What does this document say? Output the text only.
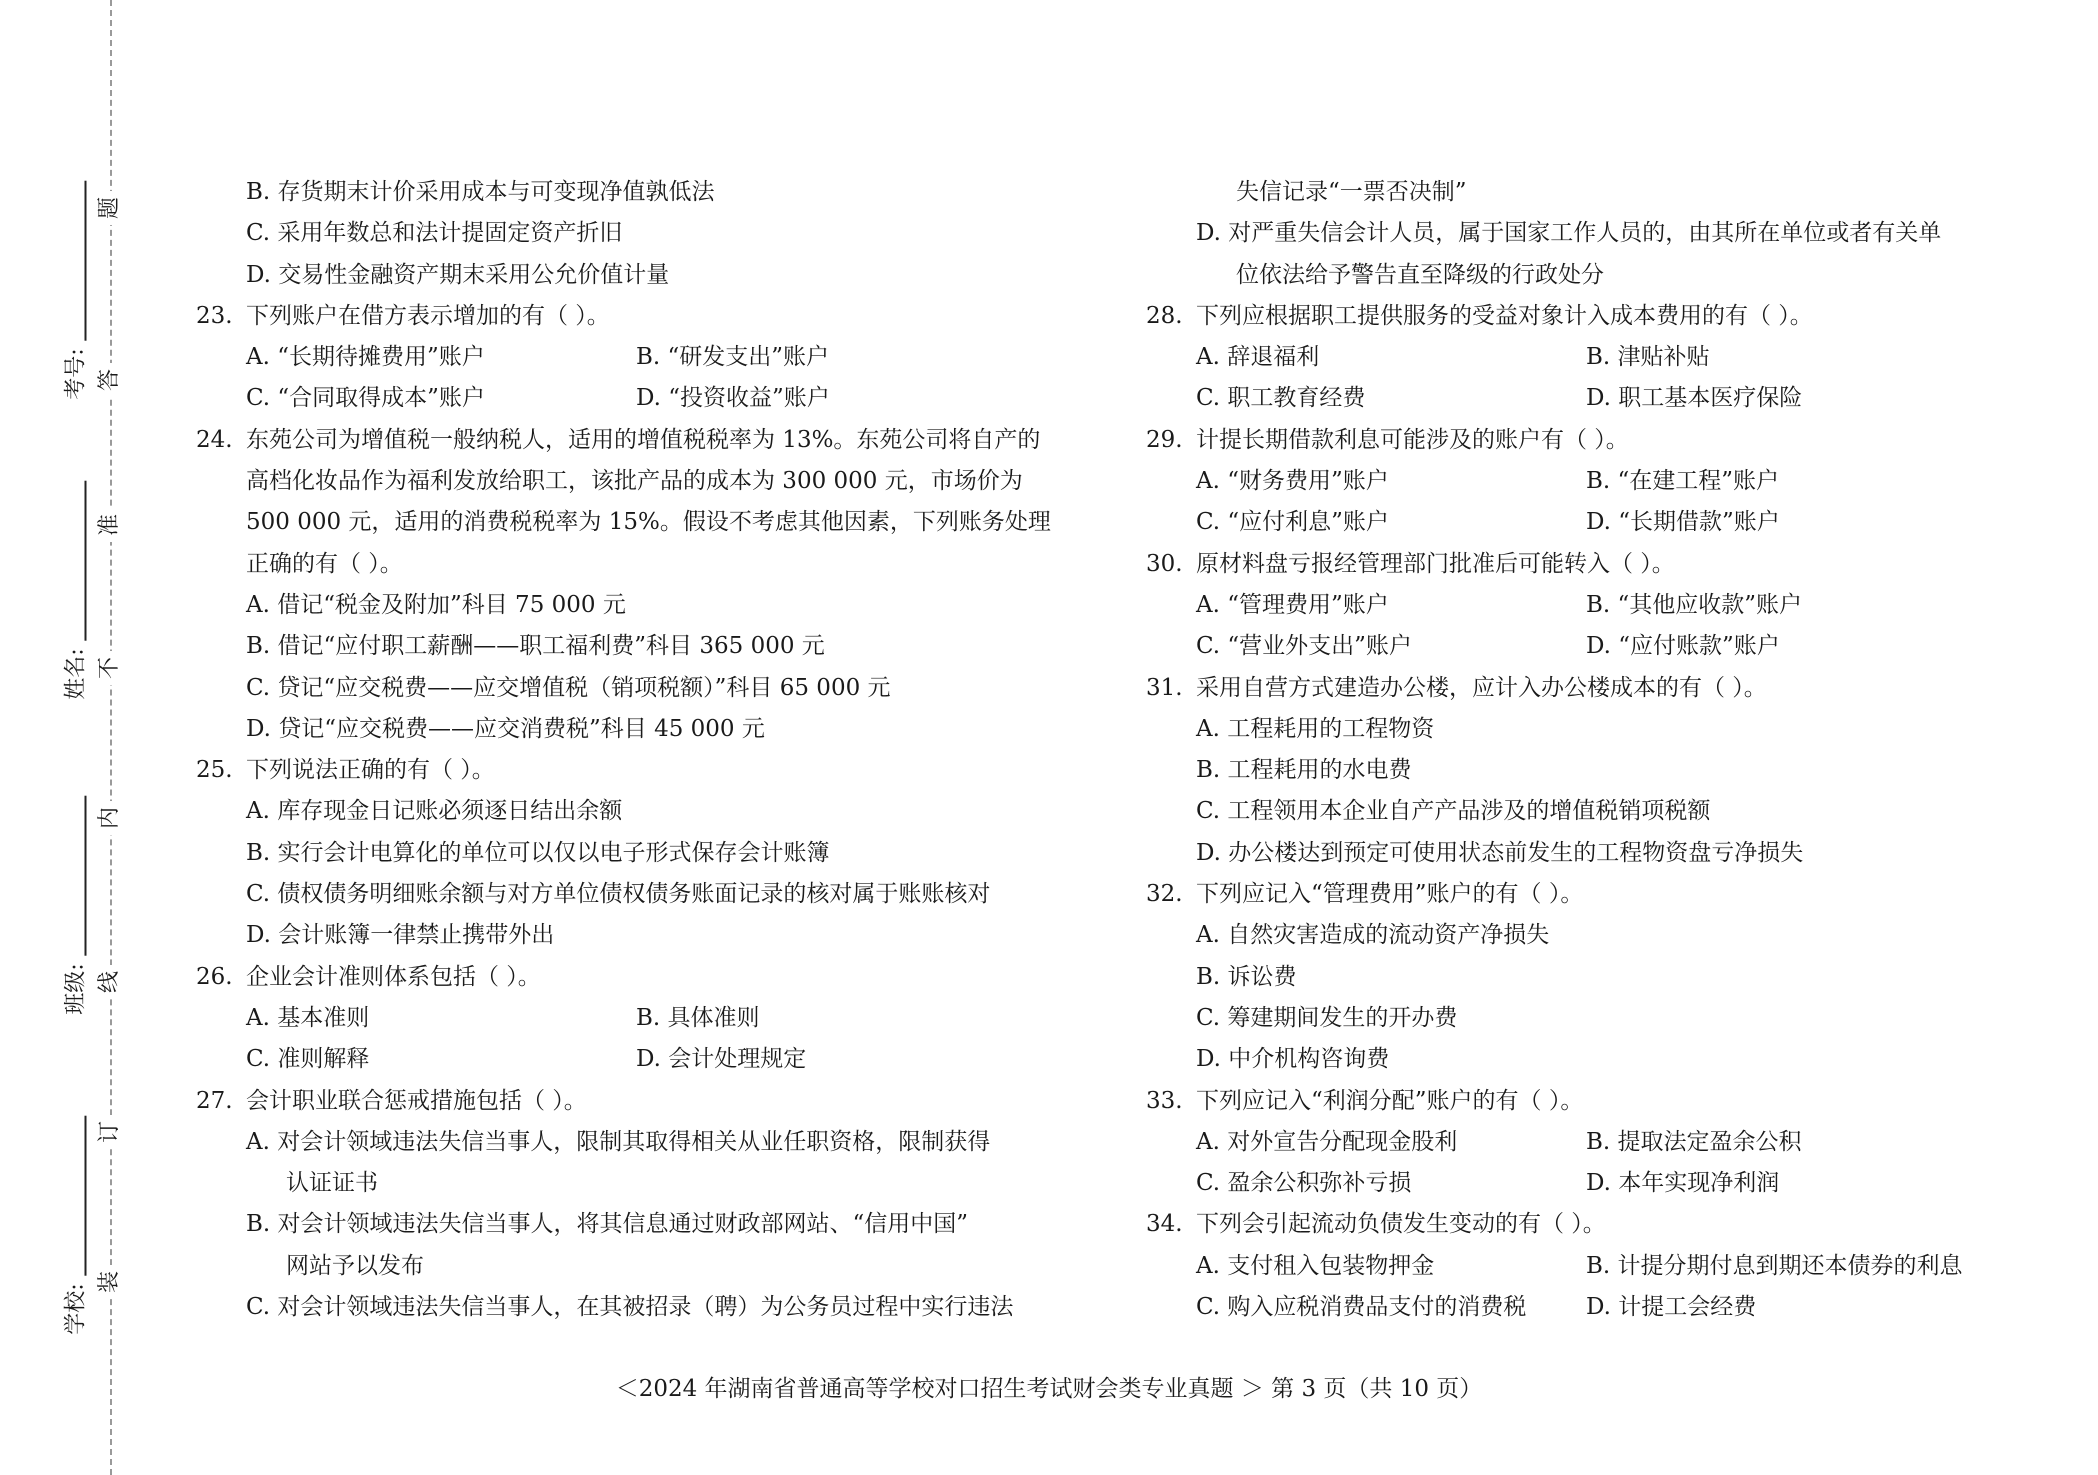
题
答
准
不
内
线
订
装
考号:
姓名:
班级:
学校:
B. 存货期末计价采用成本与可变现净值孰低法
C. 采用年数总和法计提固定资产折旧
D. 交易性金融资产期末采用公允价值计量
23. 下列账户在借方表示增加的有（ ）。
A. “长期待摊费用”账户	B. “研发支出”账户
C. “合同取得成本”账户	D. “投资收益”账户
24. 东苑公司为增值税一般纳税人，适用的增值税税率为 13%。东苑公司将自产的
高档化妆品作为福利发放给职工，该批产品的成本为 300 000 元，市场价为
500 000 元，适用的消费税税率为 15%。假设不考虑其他因素，下列账务处理
正确的有（ ）。
A. 借记“税金及附加”科目 75 000 元
B. 借记“应付职工薪酬——职工福利费”科目 365 000 元
C. 贷记“应交税费——应交增值税（销项税额）”科目 65 000 元
D. 贷记“应交税费——应交消费税”科目 45 000 元
25. 下列说法正确的有（ ）。
A. 库存现金日记账必须逐日结出余额
B. 实行会计电算化的单位可以仅以电子形式保存会计账簿
C. 债权债务明细账余额与对方单位债权债务账面记录的核对属于账账核对
D. 会计账簿一律禁止携带外出
26. 企业会计准则体系包括（ ）。
A. 基本准则	B. 具体准则
C. 准则解释	D. 会计处理规定
27. 会计职业联合惩戒措施包括（ ）。
A. 对会计领域违法失信当事人，限制其取得相关从业任职资格，限制获得
认证证书
B. 对会计领域违法失信当事人，将其信息通过财政部网站、“信用中国”
网站予以发布
C. 对会计领域违法失信当事人，在其被招录（聘）为公务员过程中实行违法
失信记录“一票否决制”
D. 对严重失信会计人员，属于国家工作人员的，由其所在单位或者有关单
位依法给予警告直至降级的行政处分
28. 下列应根据职工提供服务的受益对象计入成本费用的有（ ）。
A. 辞退福利	B. 津贴补贴
C. 职工教育经费	D. 职工基本医疗保险
29. 计提长期借款利息可能涉及的账户有（ ）。
A. “财务费用”账户	B. “在建工程”账户
C. “应付利息”账户	D. “长期借款”账户
30. 原材料盘亏报经管理部门批准后可能转入（ ）。
A. “管理费用”账户	B. “其他应收款”账户
C. “营业外支出”账户	D. “应付账款”账户
31. 采用自营方式建造办公楼，应计入办公楼成本的有（ ）。
A. 工程耗用的工程物资
B. 工程耗用的水电费
C. 工程领用本企业自产产品涉及的增值税销项税额
D. 办公楼达到预定可使用状态前发生的工程物资盘亏净损失
32. 下列应记入“管理费用”账户的有（ ）。
A. 自然灾害造成的流动资产净损失
B. 诉讼费
C. 筹建期间发生的开办费
D. 中介机构咨询费
33. 下列应记入“利润分配”账户的有（ ）。
A. 对外宣告分配现金股利	B. 提取法定盈余公积
C. 盈余公积弥补亏损	D. 本年实现净利润
34. 下列会引起流动负债发生变动的有（ ）。
A. 支付租入包装物押金	B. 计提分期付息到期还本债券的利息
C. 购入应税消费品支付的消费税	D. 计提工会经费
＜2024 年湖南省普通高等学校对口招生考试财会类专业真题 ＞ 第 3 页（共 10 页）
